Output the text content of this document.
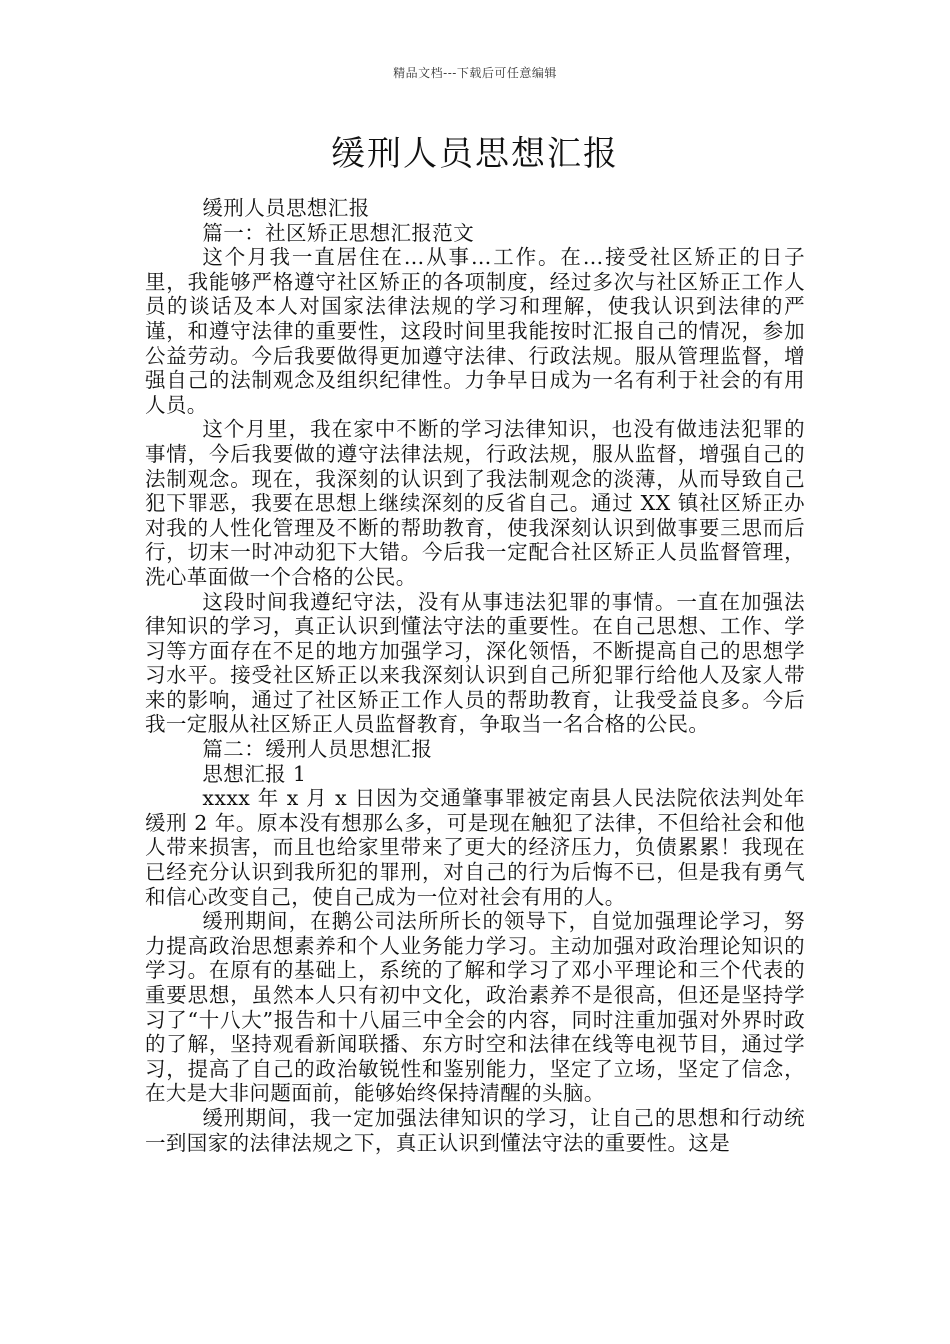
精品文档---下载后可任意编辑
缓刑人员思想汇报

缓刑人员思想汇报

篇一：社区矫正思想汇报范文

这个月我一直居住在…从事…工作。在…接受社区矫正的日子里，我能够严格遵守社区矫正的各项制度，经过多次与社区矫正工作人员的谈话及本人对国家法律法规的学习和理解，使我认识到法律的严谨，和遵守法律的重要性，这段时间里我能按时汇报自己的情况，参加公益劳动。今后我要做得更加遵守法律、行政法规。服从管理监督，增强自己的法制观念及组织纪律性。力争早日成为一名有利于社会的有用人员。

这个月里，我在家中不断的学习法律知识，也没有做违法犯罪的事情，今后我要做的遵守法律法规，行政法规，服从监督，增强自己的法制观念。现在，我深刻的认识到了我法制观念的淡薄，从而导致自己犯下罪恶，我要在思想上继续深刻的反省自己。通过 XX 镇社区矫正办对我的人性化管理及不断的帮助教育，使我深刻认识到做事要三思而后行，切末一时冲动犯下大错。今后我一定配合社区矫正人员监督管理，洗心革面做一个合格的公民。

这段时间我遵纪守法，没有从事违法犯罪的事情。一直在加强法律知识的学习，真正认识到懂法守法的重要性。在自己思想、工作、学习等方面存在不足的地方加强学习，深化领悟，不断提高自己的思想学习水平。接受社区矫正以来我深刻认识到自己所犯罪行给他人及家人带来的影响，通过了社区矫正工作人员的帮助教育，让我受益良多。今后我一定服从社区矫正人员监督教育，争取当一名合格的公民。

篇二：缓刑人员思想汇报

思想汇报 1

xxxx 年 x 月 x 日因为交通肇事罪被定南县人民法院依法判处年缓刑 2 年。原本没有想那么多，可是现在触犯了法律，不但给社会和他人带来损害，而且也给家里带来了更大的经济压力，负债累累！我现在已经充分认识到我所犯的罪刑，对自己的行为后悔不已，但是我有勇气和信心改变自己，使自己成为一位对社会有用的人。

缓刑期间，在鹅公司法所所长的领导下，自觉加强理论学习，努力提高政治思想素养和个人业务能力学习。主动加强对政治理论知识的学习。在原有的基础上，系统的了解和学习了邓小平理论和三个代表的重要思想，虽然本人只有初中文化，政治素养不是很高，但还是坚持学习了“十八大”报告和十八届三中全会的内容，同时注重加强对外界时政的了解，坚持观看新闻联播、东方时空和法律在线等电视节目，通过学习，提高了自己的政治敏锐性和鉴别能力，坚定了立场，坚定了信念，在大是大非问题面前，能够始终保持清醒的头脑。

缓刑期间，我一定加强法律知识的学习，让自己的思想和行动统一到国家的法律法规之下，真正认识到懂法守法的重要性。这是
